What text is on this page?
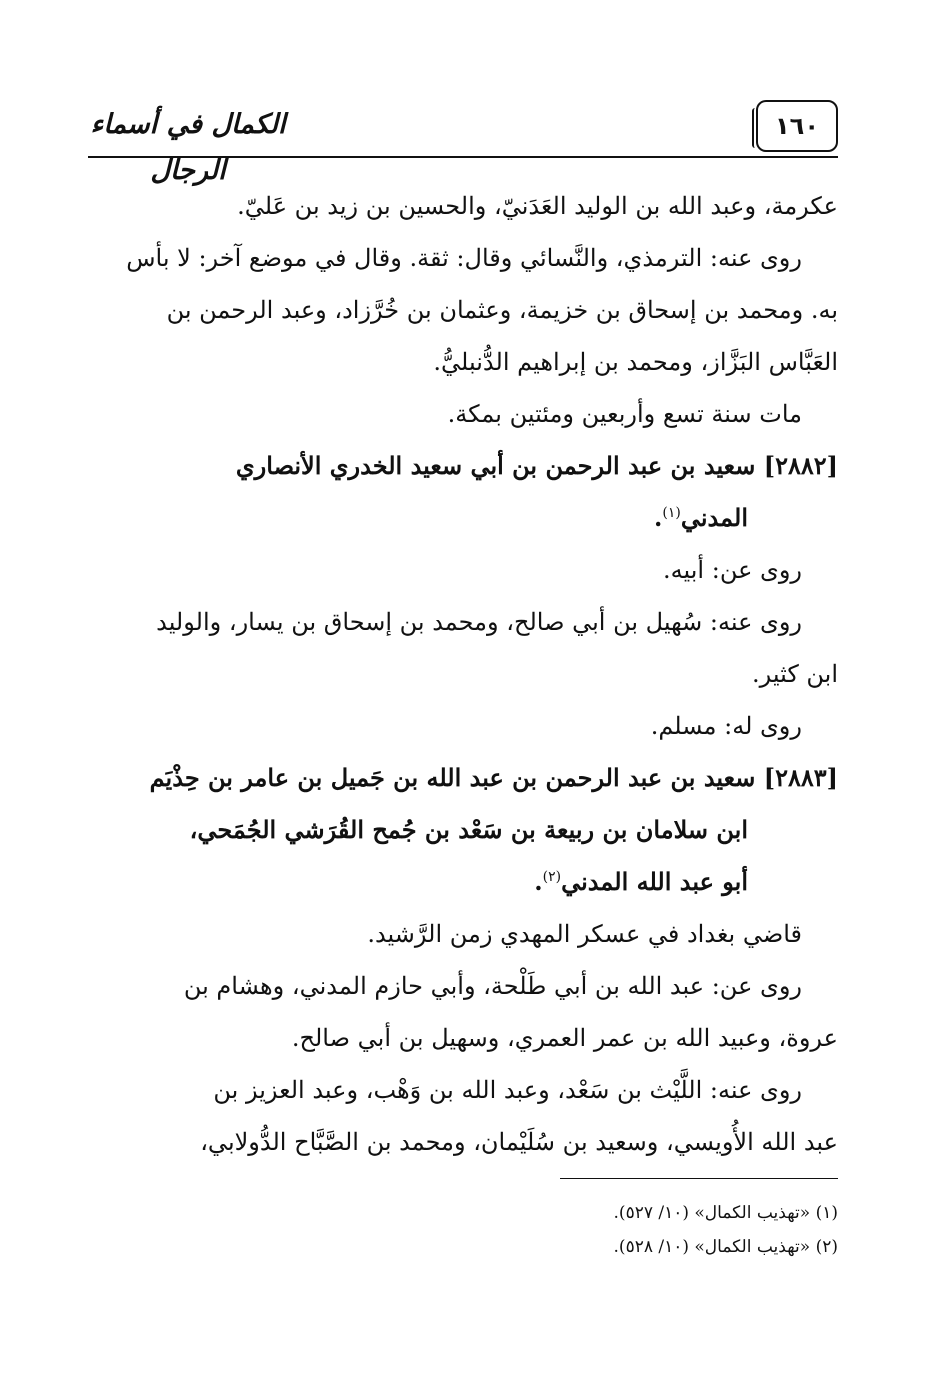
١٦٠
الكمال في أسماء الرجال

عكرمة، وعبد الله بن الوليد العَدَنيّ، والحسين بن زيد بن عَليّ.

روى عنه: الترمذي، والنَّسائي وقال: ثقة. وقال في موضع آخر: لا بأس

به. ومحمد بن إسحاق بن خزيمة، وعثمان بن خُرَّزاد، وعبد الرحمن بن

العَبَّاس البَزَّاز، ومحمد بن إبراهيم الدُّنبليُّ.

مات سنة تسع وأربعين ومئتين بمكة.

[٢٨٨٢] سعيد بن عبد الرحمن بن أبي سعيد الخدري الأنصاري

المدني$^{(١)}$.

روى عن: أبيه.

روى عنه: سُهيل بن أبي صالح، ومحمد بن إسحاق بن يسار، والوليد

ابن كثير.

روى له: مسلم.

[٢٨٨٣] سعيد بن عبد الرحمن بن عبد الله بن جَميل بن عامر بن حِذْيَم

ابن سلامان بن ربيعة بن سَعْد بن جُمح القُرَشي الجُمَحي،

أبو عبد الله المدني$^{(٢)}$.

قاضي بغداد في عسكر المهدي زمن الرَّشيد.

روى عن: عبد الله بن أبي طَلْحة، وأبي حازم المدني، وهشام بن

عروة، وعبيد الله بن عمر العمري، وسهيل بن أبي صالح.

روى عنه: اللَّيْث بن سَعْد، وعبد الله بن وَهْب، وعبد العزيز بن

عبد الله الأُويسي، وسعيد بن سُلَيْمان، ومحمد بن الصَّبَّاح الدُّولابي،

(١) «تهذيب الكمال» (١٠/ ٥٢٧).

(٢) «تهذيب الكمال» (١٠/ ٥٢٨).
